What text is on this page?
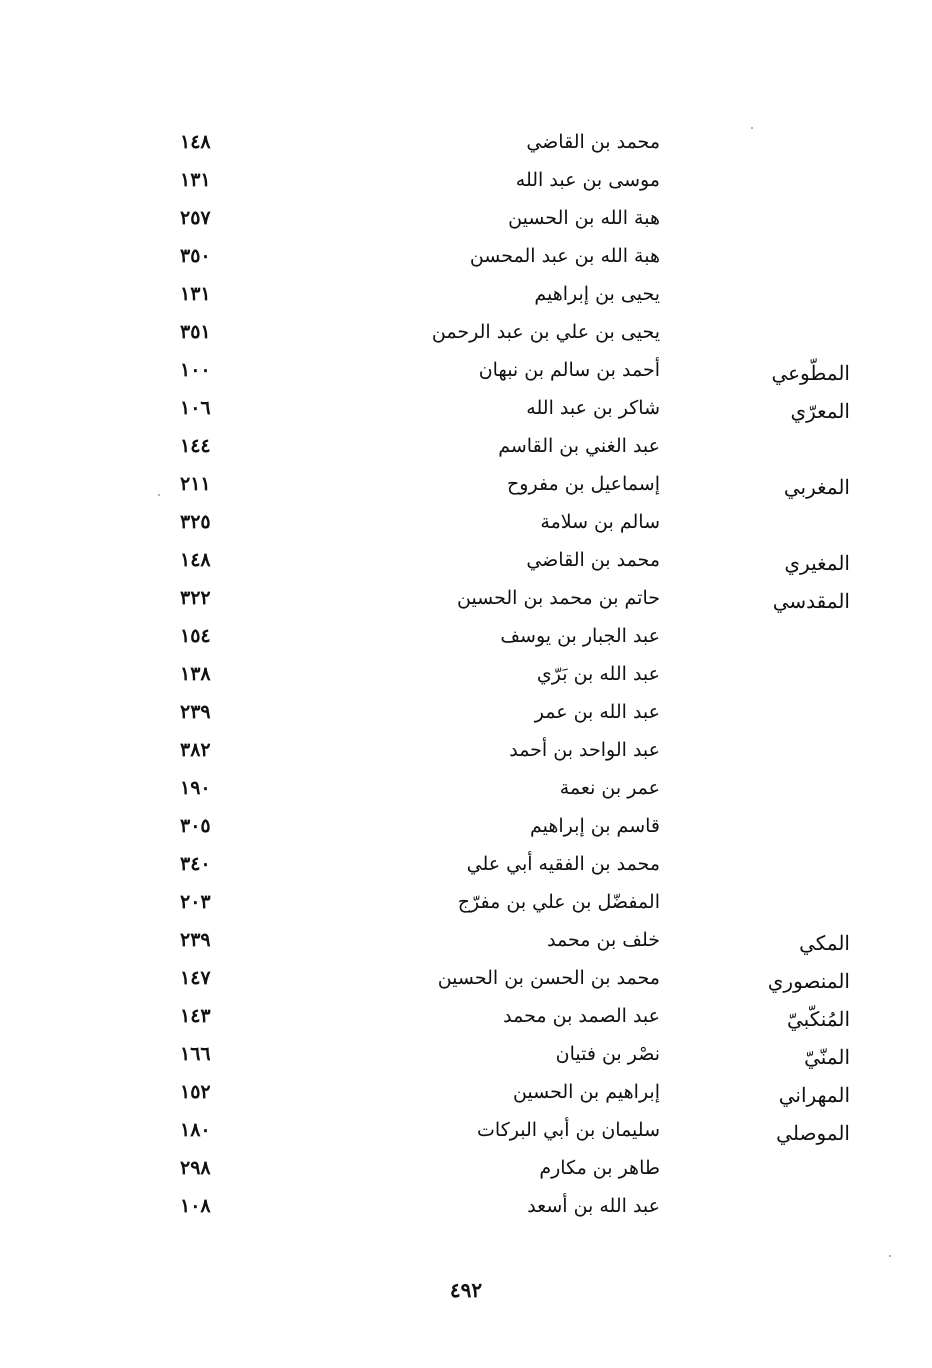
محمد بن القاضي
١٤٨
موسى بن عبد الله
١٣١
هبة الله بن الحسين
٢٥٧
هبة الله بن عبد المحسن
٣٥٠
يحيى بن إبراهيم
١٣١
يحيى بن علي بن عبد الرحمن
٣٥١
المطّوعي
أحمد بن سالم بن نبهان
١٠٠
المعرّي
شاكر بن عبد الله
١٠٦
عبد الغني بن القاسم
١٤٤
المغربي
إسماعيل بن مفروح
٢١١
سالم بن سلامة
٣٢٥
المغيري
محمد بن القاضي
١٤٨
المقدسي
حاتم بن محمد بن الحسين
٣٢٢
عبد الجبار بن يوسف
١٥٤
عبد الله بن بَرّي
١٣٨
عبد الله بن عمر
٢٣٩
عبد الواحد بن أحمد
٣٨٢
عمر بن نعمة
١٩٠
قاسم بن إبراهيم
٣٠٥
محمد بن الفقيه أبي علي
٣٤٠
المفضّل بن علي بن مفرّج
٢٠٣
المكي
خلف بن محمد
٢٣٩
المنصوري
محمد بن الحسن بن الحسين
١٤٧
المُنكّبيّ
عبد الصمد بن محمد
١٤٣
المنّيّ
نصْر بن فتيان
١٦٦
المهراني
إبراهيم بن الحسين
١٥٢
الموصلي
سليمان بن أبي البركات
١٨٠
طاهر بن مكارم
٢٩٨
عبد الله بن أسعد
١٠٨
٤٩٢
